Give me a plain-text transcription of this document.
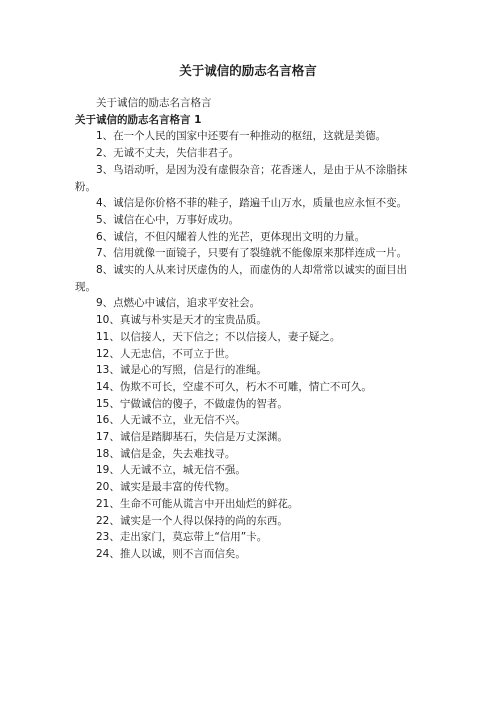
关于诚信的励志名言格言

关于诚信的励志名言格言

关于诚信的励志名言格言 1

1、在一个人民的国家中还要有一种推动的枢纽，这就是美德。
2、无诚不丈夫，失信非君子。
3、鸟语动听，是因为没有虚假杂音；花香迷人，是由于从不涂脂抹粉。
4、诚信是你价格不菲的鞋子，踏遍千山万水，质量也应永恒不变。
5、诚信在心中，万事好成功。
6、诚信，不但闪耀着人性的光芒，更体现出文明的力量。
7、信用就像一面镜子，只要有了裂缝就不能像原来那样连成一片。
8、诚实的人从来讨厌虚伪的人，而虚伪的人却常常以诚实的面目出现。
9、点燃心中诚信，追求平安社会。
10、真诚与朴实是天才的宝贵品质。
11、以信接人，天下信之；不以信接人，妻子疑之。
12、人无忠信，不可立于世。
13、诚是心的写照，信是行的准绳。
14、伪欺不可长，空虚不可久，朽木不可雕，情亡不可久。
15、宁做诚信的傻子，不做虚伪的智者。
16、人无诚不立，业无信不兴。
17、诚信是踏脚基石，失信是万丈深渊。
18、诚信是金，失去难找寻。
19、人无诚不立，城无信不强。
20、诚实是最丰富的传代物。
21、生命不可能从谎言中开出灿烂的鲜花。
22、诚实是一个人得以保持的尚的东西。
23、走出家门，莫忘带上“信用”卡。
24、推人以诚，则不言而信矣。
